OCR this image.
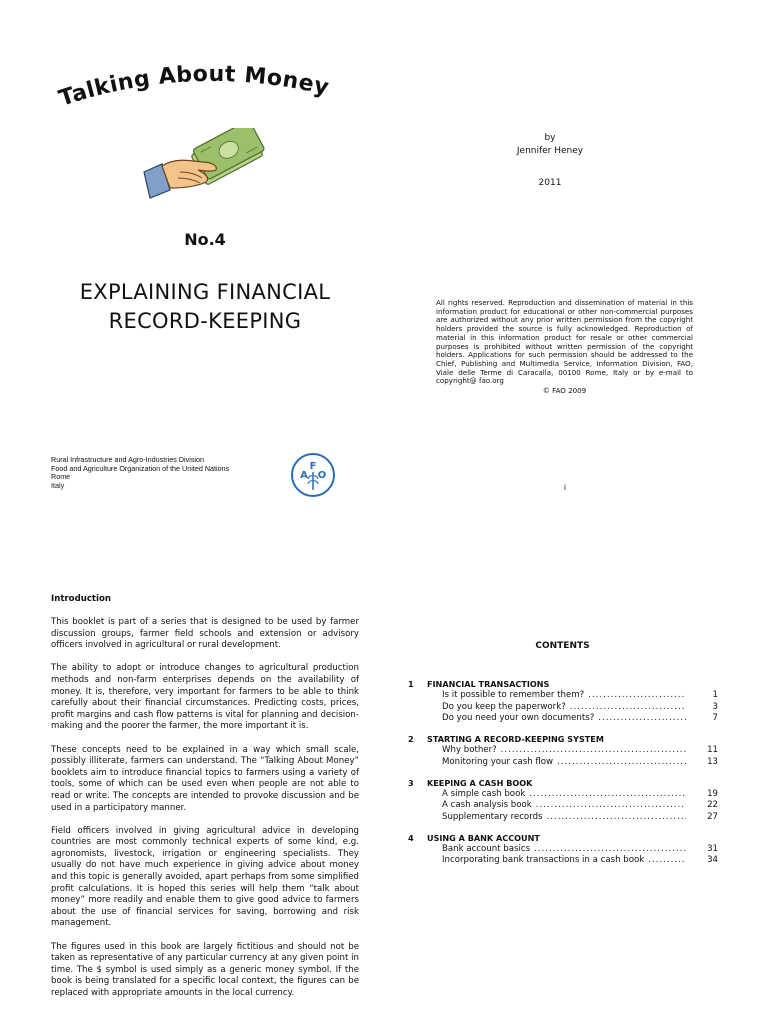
Talking About Money
No.4
EXPLAINING FINANCIAL
RECORD-KEEPING
Rural Infrastructure and Agro-Industries Division
Food and Agriculture Organization of the United Nations
Rome
Italy
F
A O
by
Jennifer Heney
2011
All rights reserved. Reproduction and dissemination of material in this information product for educational or other non-commercial purposes are authorized without any prior written permission from the copyright holders provided the source is fully acknowledged. Reproduction of material in this information product for resale or other commercial purposes is prohibited without written permission of the copyright holders. Applications for such permission should be addressed to the Chief, Publishing and Multimedia Service, Information Division, FAO, Viale delle Terme di Caracalla, 00100 Rome, Italy or by e-mail to copyright@ fao.org
© FAO 2009
i
Introduction

This booklet is part of a series that is designed to be used by farmer discussion groups, farmer field schools and extension or advisory officers involved in agricultural or rural development.

The ability to adopt or introduce changes to agricultural production methods and non-farm enterprises depends on the availability of money. It is, therefore, very important for farmers to be able to think carefully about their financial circumstances. Predicting costs, prices, profit margins and cash flow patterns is vital for planning and decision-making and the poorer the farmer, the more important it is.

These concepts need to be explained in a way which small scale, possibly illiterate, farmers can understand. The “Talking About Money” booklets aim to introduce financial topics to farmers using a variety of tools, some of which can be used even when people are not able to read or write. The concepts are intended to provoke discussion and be used in a participatory manner.

Field officers involved in giving agricultural advice in developing countries are most commonly technical experts of some kind, e.g. agronomists, livestock, irrigation or engineering specialists. They usually do not have much experience in giving advice about money and this topic is generally avoided, apart perhaps from some simplified profit calculations. It is hoped this series will help them “talk about money” more readily and enable them to give good advice to farmers about the use of financial services for saving, borrowing and risk management.

The figures used in this book are largely fictitious and should not be taken as representative of any particular currency at any given point in time. The $ symbol is used simply as a generic money symbol. If the book is being translated for a specific local context, the figures can be replaced with appropriate amounts in the local currency.

CONTENTS
1	FINANCIAL TRANSACTIONS
Is it possible to remember them? .....	1
Do you keep the paperwork? .....	3
Do you need your own documents? .....	7
2	STARTING A RECORD-KEEPING SYSTEM
Why bother? .....	11
Monitoring your cash flow .....	13
3	KEEPING A CASH BOOK
A simple cash book .....	19
A cash analysis book .....	22
Supplementary records .....	27
4	USING A BANK ACCOUNT
Bank account basics .....	31
Incorporating bank transactions in a cash book .....	34
